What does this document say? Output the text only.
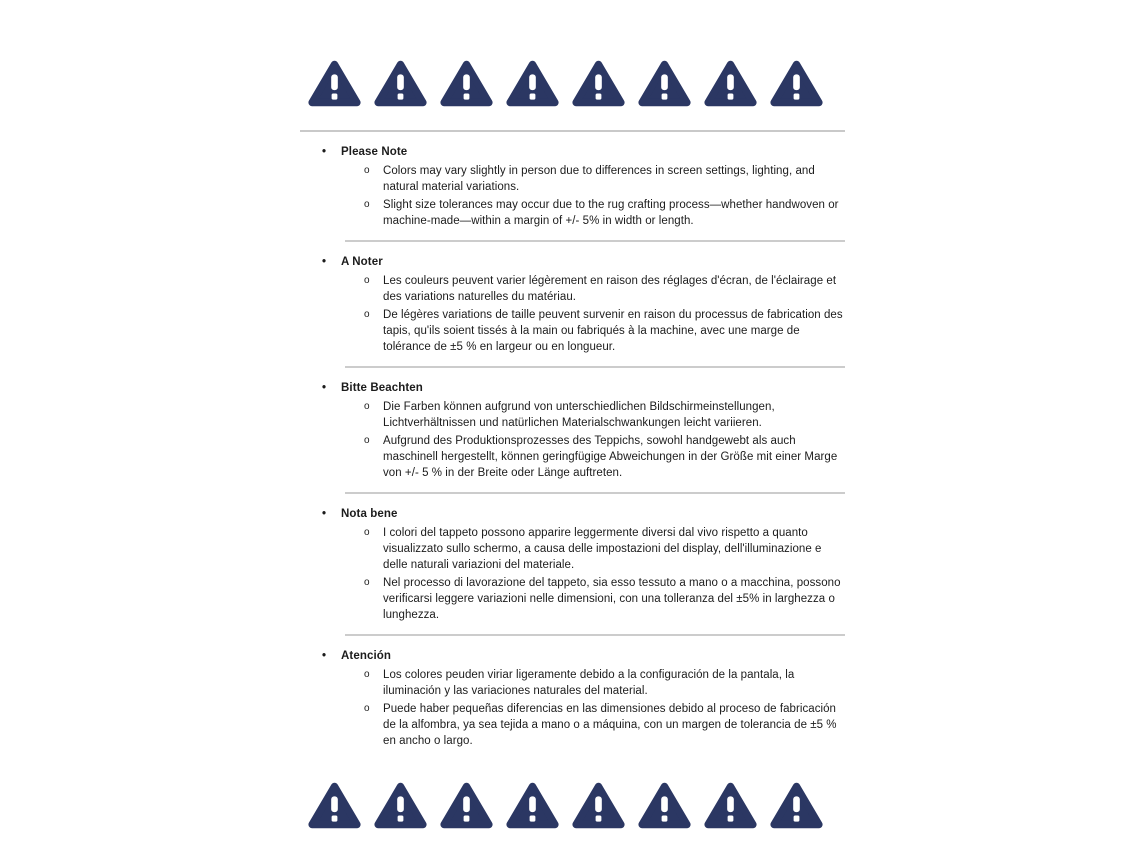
•	Please Note
o	Colors may vary slightly in person due to differences in screen settings, lighting, and natural material variations.
o	Slight size tolerances may occur due to the rug crafting process—whether handwoven or machine-made—within a margin of +/- 5% in width or length.
•	A Noter
o	Les couleurs peuvent varier légèrement en raison des réglages d'écran, de l'éclairage et des variations naturelles du matériau.
o	De légères variations de taille peuvent survenir en raison du processus de fabrication des tapis, qu'ils soient tissés à la main ou fabriqués à la machine, avec une marge de tolérance de ±5 % en largeur ou en longueur.
•	Bitte Beachten
o	Die Farben können aufgrund von unterschiedlichen Bildschirmeinstellungen, Lichtverhältnissen und natürlichen Materialschwankungen leicht variieren.
o	Aufgrund des Produktionsprozesses des Teppichs, sowohl handgewebt als auch maschinell hergestellt, können geringfügige Abweichungen in der Größe mit einer Marge von +/- 5 % in der Breite oder Länge auftreten.
•	Nota bene
o	I colori del tappeto possono apparire leggermente diversi dal vivo rispetto a quanto visualizzato sullo schermo, a causa delle impostazioni del display, dell'illuminazione e delle naturali variazioni del materiale.
o	Nel processo di lavorazione del tappeto, sia esso tessuto a mano o a macchina, possono verificarsi leggere variazioni nelle dimensioni, con una tolleranza del ±5% in larghezza o lunghezza.
•	Atención
o	Los colores peuden viriar ligeramente debido a la configuración de la pantala, la iluminación y las variaciones naturales del material.
o	Puede haber pequeñas diferencias en las dimensiones debido al proceso de fabricación de la alfombra, ya sea tejida a mano o a máquina, con un margen de tolerancia de ±5 % en ancho o largo.
